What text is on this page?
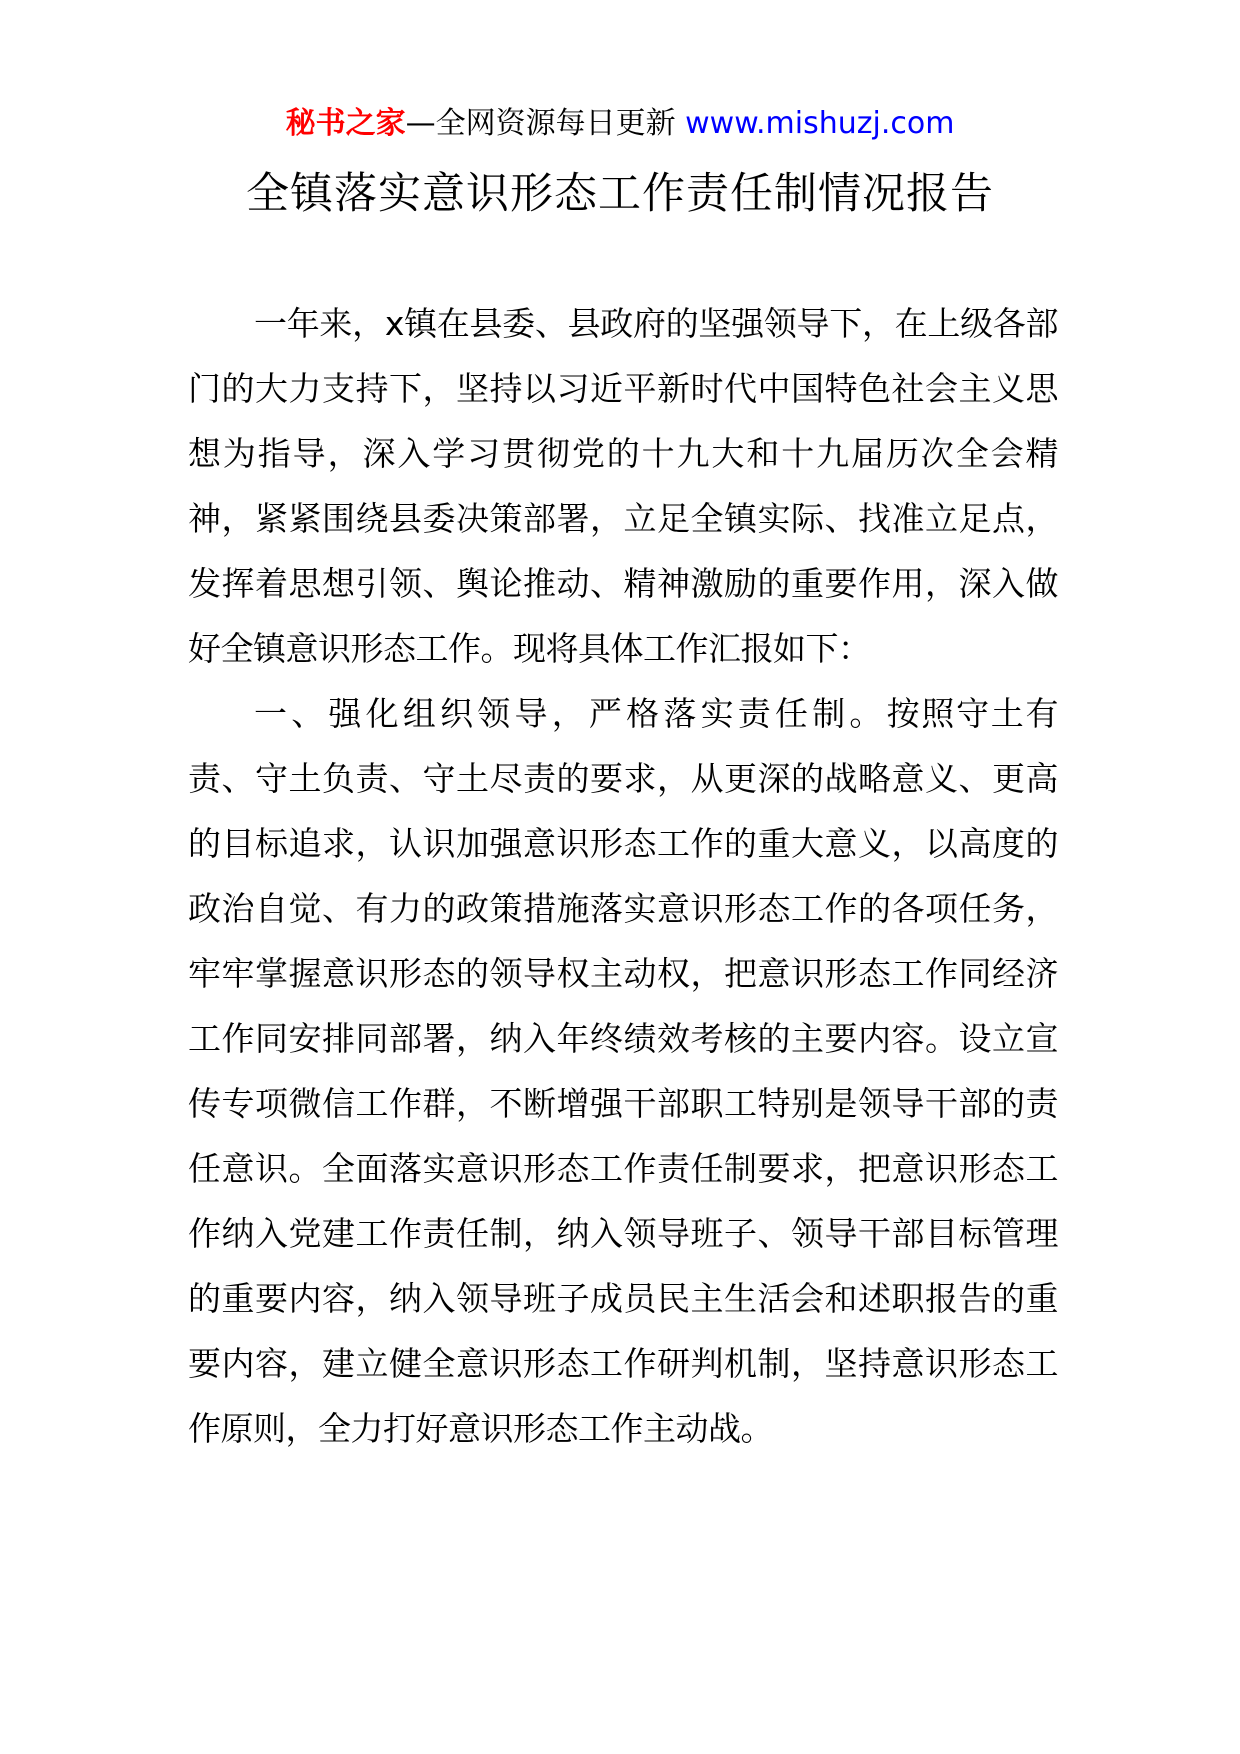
秘书之家—全网资源每日更新 www.mishuzj.com
全镇落实意识形态工作责任制情况报告

一年来，x镇在县委、县政府的坚强领导下，在上级各部门的大力支持下，坚持以习近平新时代中国特色社会主义思想为指导，深入学习贯彻党的十九大和十九届历次全会精神，紧紧围绕县委决策部署，立足全镇实际、找准立足点，发挥着思想引领、舆论推动、精神激励的重要作用，深入做好全镇意识形态工作。现将具体工作汇报如下：

一、强化组织领导，严格落实责任制。按照守土有责、守土负责、守土尽责的要求，从更深的战略意义、更高的目标追求，认识加强意识形态工作的重大意义，以高度的政治自觉、有力的政策措施落实意识形态工作的各项任务，牢牢掌握意识形态的领导权主动权，把意识形态工作同经济工作同安排同部署，纳入年终绩效考核的主要内容。设立宣传专项微信工作群，不断增强干部职工特别是领导干部的责任意识。全面落实意识形态工作责任制要求，把意识形态工作纳入党建工作责任制，纳入领导班子、领导干部目标管理的重要内容，纳入领导班子成员民主生活会和述职报告的重要内容，建立健全意识形态工作研判机制，坚持意识形态工作原则，全力打好意识形态工作主动战。
